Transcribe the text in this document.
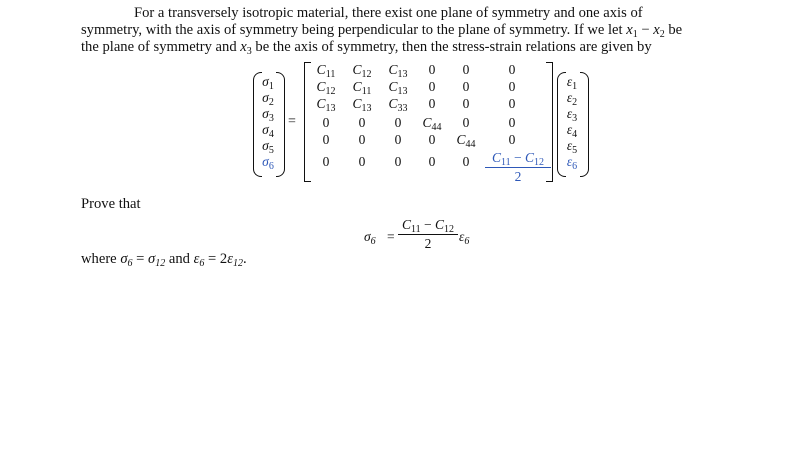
For a transversely isotropic material, there exist one plane of symmetry and one axis of
symmetry, with the axis of symmetry being perpendicular to the plane of symmetry. If we let $x_1 - x_2$ be
the plane of symmetry and $x_3$ be the axis of symmetry, then the stress-strain relations are given by
$\sigma_1$
$\sigma_2$
$\sigma_3$
$\sigma_4$
$\sigma_5$
$\sigma_6$
=
$C_{11}$	$C_{12}$	$C_{13}$	0	0	0
$C_{12}$	$C_{11}$	$C_{13}$	0	0	0
$C_{13}$	$C_{13}$	$C_{33}$	0	0	0
0	0	0	$C_{44}$	0	0
0	0	0	0	$C_{44}$	0
0	0	0	0	0	$C_{11} - C_{12}$
2
$\varepsilon_1$
$\varepsilon_2$
$\varepsilon_3$
$\varepsilon_4$
$\varepsilon_5$
$\varepsilon_6$
Prove that
$\sigma_6$ =
$C_{11} - C_{12}$
2	$\varepsilon_6$
where $\sigma_6 = \sigma_{12}$ and $\varepsilon_6 = 2\varepsilon_{12}$.
